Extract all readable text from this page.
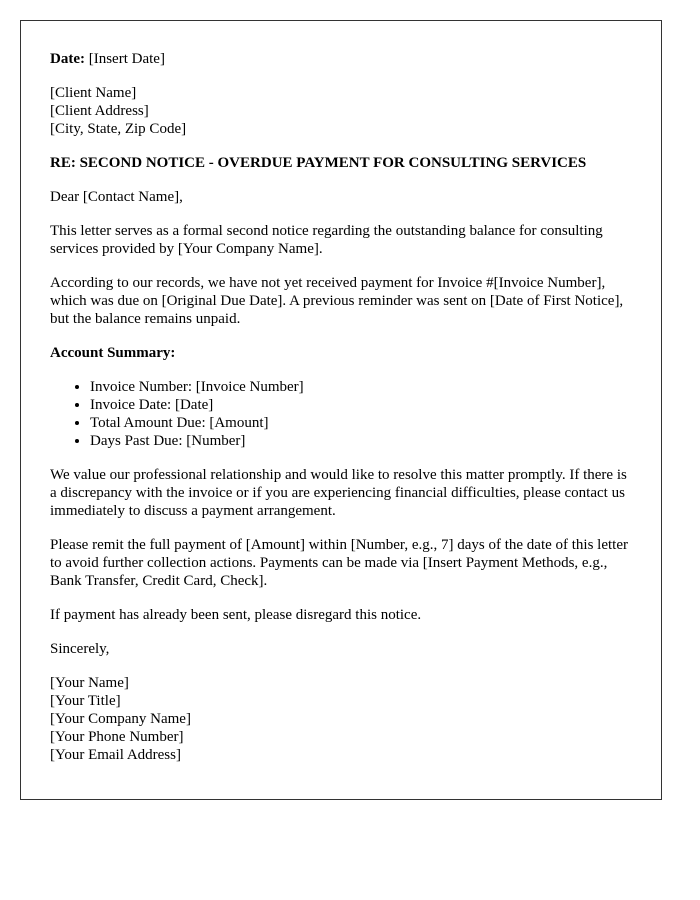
Date: [Insert Date]
[Client Name]
[Client Address]
[City, State, Zip Code]

RE: SECOND NOTICE - OVERDUE PAYMENT FOR CONSULTING SERVICES

Dear [Contact Name],

This letter serves as a formal second notice regarding the outstanding balance for consulting services provided by [Your Company Name].

According to our records, we have not yet received payment for Invoice #[Invoice Number], which was due on [Original Due Date]. A previous reminder was sent on [Date of First Notice], but the balance remains unpaid.

Account Summary:

• Invoice Number: [Invoice Number]
• Invoice Date: [Date]
• Total Amount Due: [Amount]
• Days Past Due: [Number]

We value our professional relationship and would like to resolve this matter promptly. If there is a discrepancy with the invoice or if you are experiencing financial difficulties, please contact us immediately to discuss a payment arrangement.

Please remit the full payment of [Amount] within [Number, e.g., 7] days of the date of this letter to avoid further collection actions. Payments can be made via [Insert Payment Methods, e.g., Bank Transfer, Credit Card, Check].

If payment has already been sent, please disregard this notice.

Sincerely,

[Your Name]
[Your Title]
[Your Company Name]
[Your Phone Number]
[Your Email Address]
